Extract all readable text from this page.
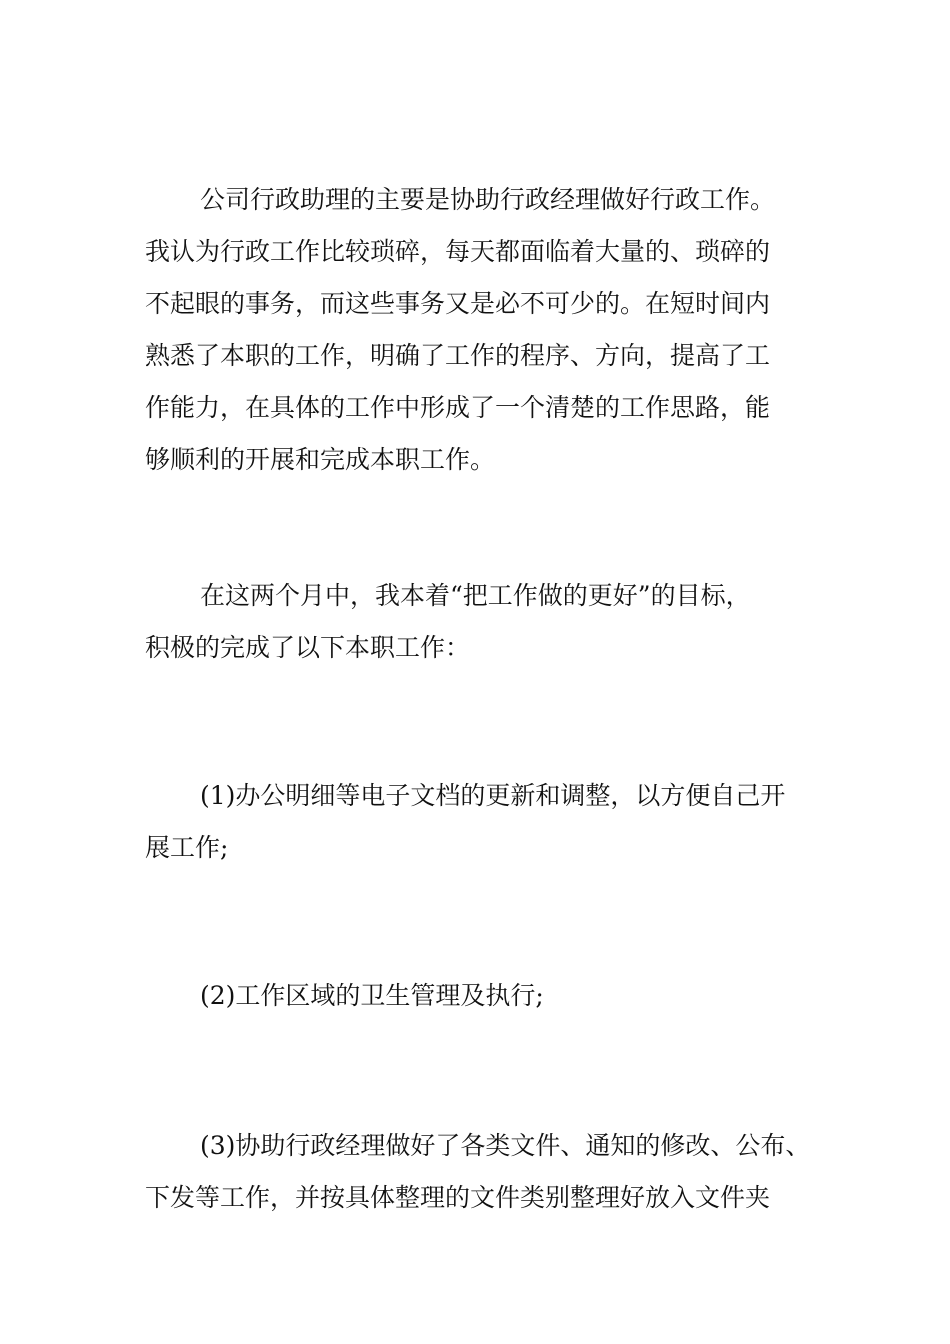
公司行政助理的主要是协助行政经理做好行政工作。
我认为行政工作比较琐碎，每天都面临着大量的、琐碎的
不起眼的事务，而这些事务又是必不可少的。在短时间内
熟悉了本职的工作，明确了工作的程序、方向，提高了工
作能力，在具体的工作中形成了一个清楚的工作思路，能
够顺利的开展和完成本职工作。
在这两个月中，我本着“把工作做的更好”的目标，
积极的完成了以下本职工作：
(1)办公明细等电子文档的更新和调整，以方便自己开
展工作;
(2)工作区域的卫生管理及执行;
(3)协助行政经理做好了各类文件、通知的修改、公布、
下发等工作，并按具体整理的文件类别整理好放入文件夹
